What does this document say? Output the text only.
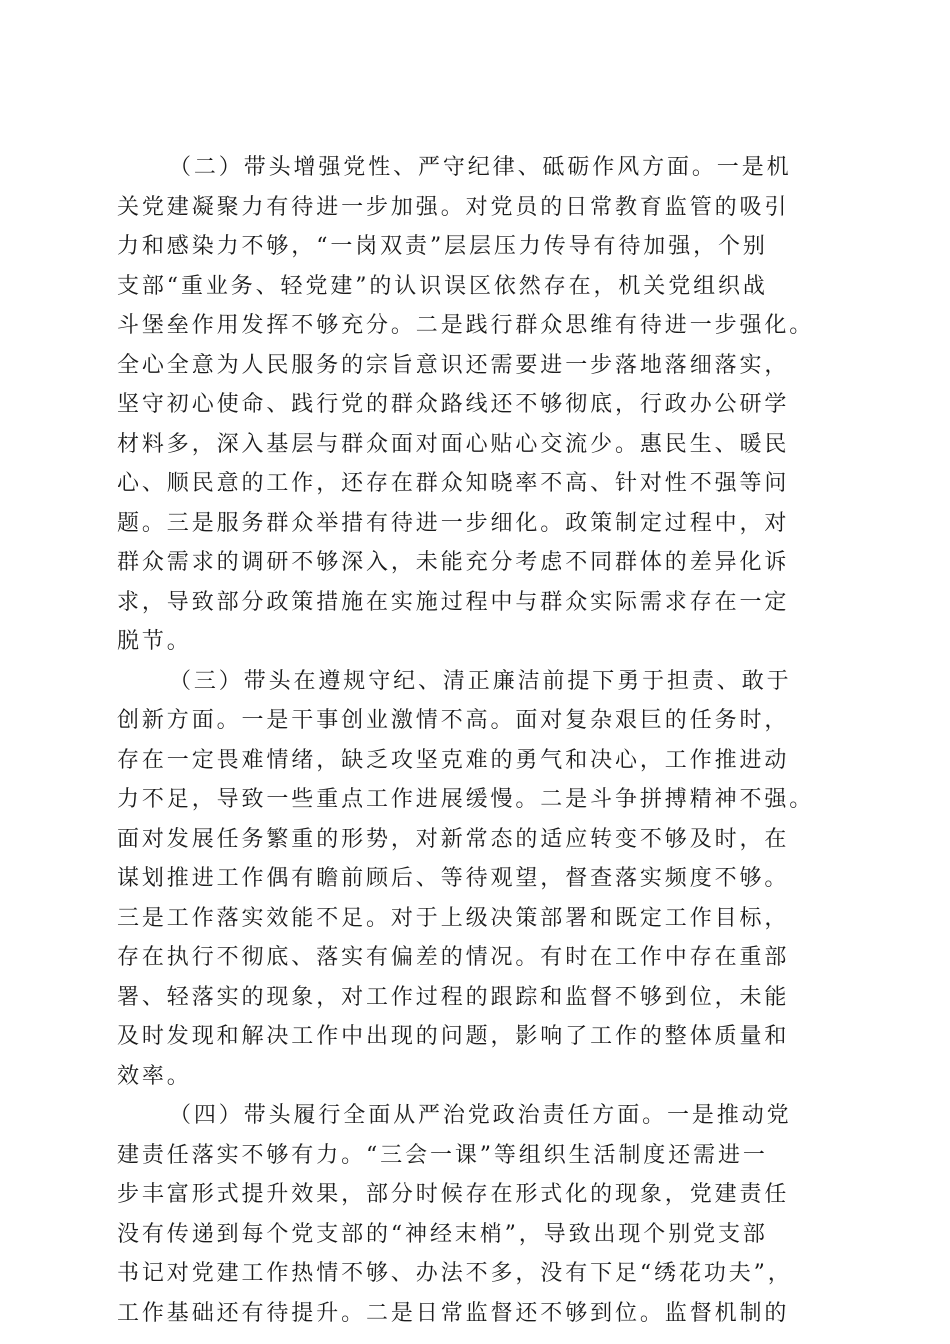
（二）带头增强党性、严守纪律、砥砺作风方面。一是机
关党建凝聚力有待进一步加强。对党员的日常教育监管的吸引
力和感染力不够，“一岗双责”层层压力传导有待加强，个别
支部“重业务、轻党建”的认识误区依然存在，机关党组织战
斗堡垒作用发挥不够充分。二是践行群众思维有待进一步强化。
全心全意为人民服务的宗旨意识还需要进一步落地落细落实，
坚守初心使命、践行党的群众路线还不够彻底，行政办公研学
材料多，深入基层与群众面对面心贴心交流少。惠民生、暖民
心、顺民意的工作，还存在群众知晓率不高、针对性不强等问
题。三是服务群众举措有待进一步细化。政策制定过程中，对
群众需求的调研不够深入，未能充分考虑不同群体的差异化诉
求，导致部分政策措施在实施过程中与群众实际需求存在一定
脱节。
（三）带头在遵规守纪、清正廉洁前提下勇于担责、敢于
创新方面。一是干事创业激情不高。面对复杂艰巨的任务时，
存在一定畏难情绪，缺乏攻坚克难的勇气和决心，工作推进动
力不足，导致一些重点工作进展缓慢。二是斗争拼搏精神不强。
面对发展任务繁重的形势，对新常态的适应转变不够及时，在
谋划推进工作偶有瞻前顾后、等待观望，督查落实频度不够。
三是工作落实效能不足。对于上级决策部署和既定工作目标，
存在执行不彻底、落实有偏差的情况。有时在工作中存在重部
署、轻落实的现象，对工作过程的跟踪和监督不够到位，未能
及时发现和解决工作中出现的问题，影响了工作的整体质量和
效率。
（四）带头履行全面从严治党政治责任方面。一是推动党
建责任落实不够有力。“三会一课”等组织生活制度还需进一
步丰富形式提升效果，部分时候存在形式化的现象，党建责任
没有传递到每个党支部的“神经末梢”，导致出现个别党支部
书记对党建工作热情不够、办法不多，没有下足“绣花功夫”，
工作基础还有待提升。二是日常监督还不够到位。监督机制的
